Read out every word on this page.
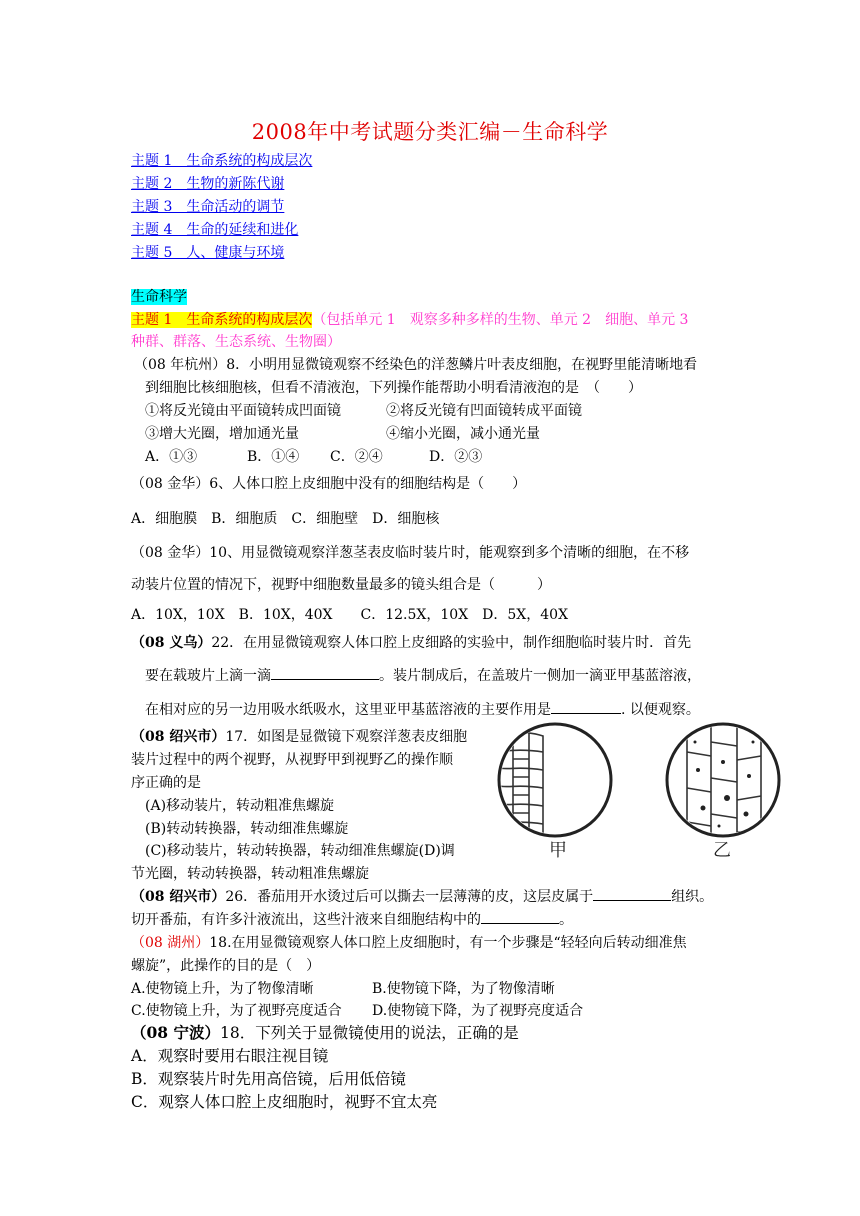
2008年中考试题分类汇编－生命科学
主题 1　生命系统的构成层次
主题 2　生物的新陈代谢
主题 3　生命活动的调节
主题 4　生命的延续和进化
主题 5　人、健康与环境
生命科学
主题 1　生命系统的构成层次（包括单元 1　观察多种多样的生物、单元 2　细胞、单元 3
种群、群落、生态系统、生物圈）
（08 年杭州）8．小明用显微镜观察不经染色的洋葱鳞片叶表皮细胞，在视野里能清晰地看
到细胞比核细胞核，但看不清液泡，下列操作能帮助小明看清液泡的是　（　　）
①将反光镜由平面镜转成凹面镜	②将反光镜有凹面镜转成平面镜
③增大光圈，增加通光量	④缩小光圈，减小通光量
A．①③	B．①④ C．②④	D．②③
（08 金华）6、人体口腔上皮细胞中没有的细胞结构是（　　）
A．细胞膜　B．细胞质　C．细胞壁　D．细胞核
（08 金华）10、用显微镜观察洋葱茎表皮临时装片时，能观察到多个清晰的细胞，在不移
动装片位置的情况下，视野中细胞数量最多的镜头组合是（　　　）
A．10X，10X　B．10X，40X　　C．12.5X，10X　D．5X，40X
（08 义乌）22．在用显微镜观察人体口腔上皮细路的实验中，制作细胞临时装片时．首先
要在载玻片上滴一滴	。装片制成后，在盖玻片一侧加一滴亚甲基蓝溶液，
在相对应的另一边用吸水纸吸水，这里亚甲基蓝溶液的主要作用是	. 以便观察。
（08 绍兴市）17．如图是显微镜下观察洋葱表皮细胞
装片过程中的两个视野，从视野甲到视野乙的操作顺
序正确的是
(A)移动装片，转动粗准焦螺旋
(B)转动转换器，转动细准焦螺旋
(C)移动装片，转动转换器，转动细准焦螺旋(D)调
节光圈，转动转换器，转动粗准焦螺旋
甲	乙
（08 绍兴市）26．番茄用开水烫过后可以撕去一层薄薄的皮，这层皮属于	组织。
切开番茄，有许多汁液流出，这些汁液来自细胞结构中的	。
（08 湖州）18.在用显微镜观察人体口腔上皮细胞时，有一个步骤是“轻轻向后转动细准焦
螺旋”，此操作的目的是（　）
A.使物镜上升，为了物像清晰	B.使物镜下降，为了物像清晰
C.使物镜上升，为了视野亮度适合 D.使物镜下降，为了视野亮度适合
（08 宁波）18．下列关于显微镜使用的说法，正确的是
A．观察时要用右眼注视目镜
B．观察装片时先用高倍镜，后用低倍镜
C．观察人体口腔上皮细胞时，视野不宜太亮
